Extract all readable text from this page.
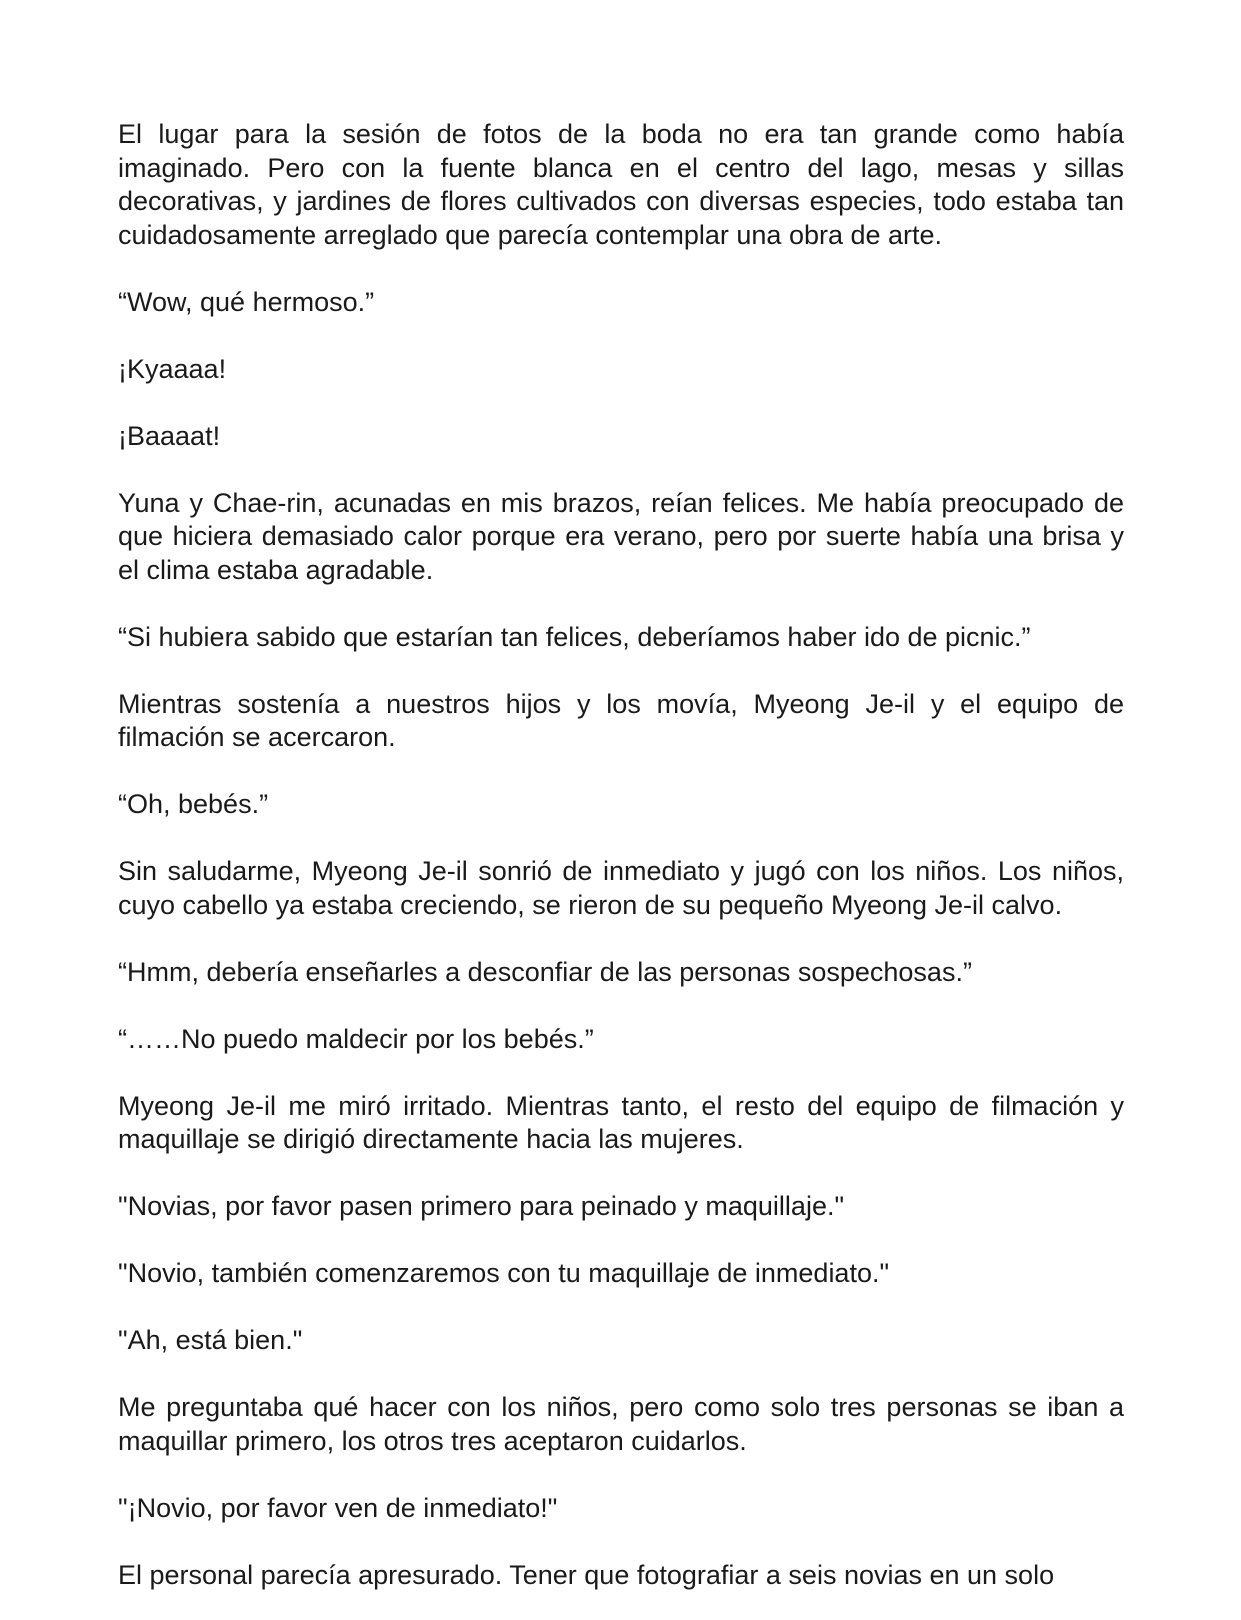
El lugar para la sesión de fotos de la boda no era tan grande como había imaginado. Pero con la fuente blanca en el centro del lago, mesas y sillas decorativas, y jardines de flores cultivados con diversas especies, todo estaba tan cuidadosamente arreglado que parecía contemplar una obra de arte.

“Wow, qué hermoso.”

¡Kyaaaa!

¡Baaaat!

Yuna y Chae-rin, acunadas en mis brazos, reían felices. Me había preocupado de que hiciera demasiado calor porque era verano, pero por suerte había una brisa y el clima estaba agradable.

“Si hubiera sabido que estarían tan felices, deberíamos haber ido de picnic.”

Mientras sostenía a nuestros hijos y los movía, Myeong Je-il y el equipo de filmación se acercaron.

“Oh, bebés.”

Sin saludarme, Myeong Je-il sonrió de inmediato y jugó con los niños. Los niños, cuyo cabello ya estaba creciendo, se rieron de su pequeño Myeong Je-il calvo.

“Hmm, debería enseñarles a desconfiar de las personas sospechosas.”

“……No puedo maldecir por los bebés.”

Myeong Je-il me miró irritado. Mientras tanto, el resto del equipo de filmación y maquillaje se dirigió directamente hacia las mujeres.

"Novias, por favor pasen primero para peinado y maquillaje."

"Novio, también comenzaremos con tu maquillaje de inmediato."

"Ah, está bien."

Me preguntaba qué hacer con los niños, pero como solo tres personas se iban a maquillar primero, los otros tres aceptaron cuidarlos.

"¡Novio, por favor ven de inmediato!"

El personal parecía apresurado. Tener que fotografiar a seis novias en un solo
